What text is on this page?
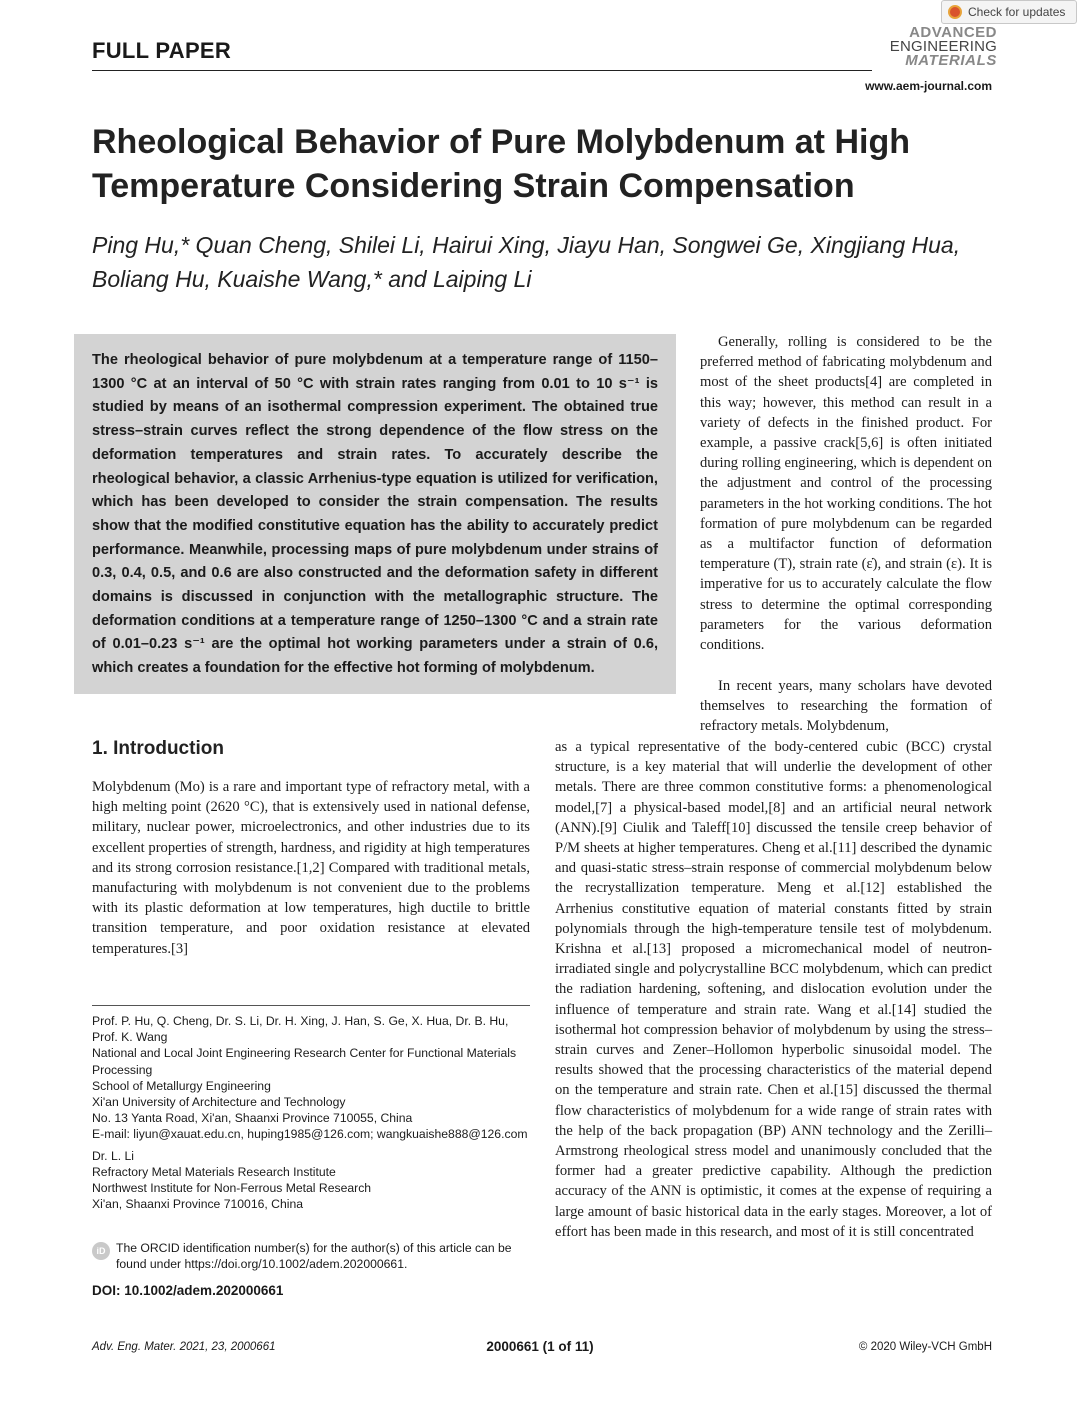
FULL PAPER
ADVANCED
ENGINEERING
MATERIALS
www.aem-journal.com
Check for updates
Rheological Behavior of Pure Molybdenum at High Temperature Considering Strain Compensation
Ping Hu,* Quan Cheng, Shilei Li, Hairui Xing, Jiayu Han, Songwei Ge, Xingjiang Hua, Boliang Hu, Kuaishe Wang,* and Laiping Li
The rheological behavior of pure molybdenum at a temperature range of 1150–1300 °C at an interval of 50 °C with strain rates ranging from 0.01 to 10 s⁻¹ is studied by means of an isothermal compression experiment. The obtained true stress–strain curves reflect the strong dependence of the flow stress on the deformation temperatures and strain rates. To accurately describe the rheological behavior, a classic Arrhenius-type equation is utilized for verification, which has been developed to consider the strain compensation. The results show that the modified constitutive equation has the ability to accurately predict performance. Meanwhile, processing maps of pure molybdenum under strains of 0.3, 0.4, 0.5, and 0.6 are also constructed and the deformation safety in different domains is discussed in conjunction with the metallographic structure. The deformation conditions at a temperature range of 1250–1300 °C and a strain rate of 0.01–0.23 s⁻¹ are the optimal hot working parameters under a strain of 0.6, which creates a foundation for the effective hot forming of molybdenum.
Generally, rolling is considered to be the preferred method of fabricating molybdenum and most of the sheet products[4] are completed in this way; however, this method can result in a variety of defects in the finished product. For example, a passive crack[5,6] is often initiated during rolling engineering, which is dependent on the adjustment and control of the processing parameters in the hot working conditions. The hot formation of pure molybdenum can be regarded as a multifactor function of deformation temperature (T), strain rate (ε̇), and strain (ε). It is imperative for us to accurately calculate the flow stress to determine the optimal corresponding parameters for the various deformation conditions.
In recent years, many scholars have devoted themselves to researching the formation of refractory metals. Molybdenum,
as a typical representative of the body-centered cubic (BCC) crystal structure, is a key material that will underlie the development of other metals. There are three common constitutive forms: a phenomenological model,[7] a physical-based model,[8] and an artificial neural network (ANN).[9] Ciulik and Taleff[10] discussed the tensile creep behavior of P/M sheets at higher temperatures. Cheng et al.[11] described the dynamic and quasi-static stress–strain response of commercial molybdenum below the recrystallization temperature. Meng et al.[12] established the Arrhenius constitutive equation of material constants fitted by strain polynomials through the high-temperature tensile test of molybdenum. Krishna et al.[13] proposed a micromechanical model of neutron-irradiated single and polycrystalline BCC molybdenum, which can predict the radiation hardening, softening, and dislocation evolution under the influence of temperature and strain rate. Wang et al.[14] studied the isothermal hot compression behavior of molybdenum by using the stress–strain curves and Zener–Hollomon hyperbolic sinusoidal model. The results showed that the processing characteristics of the material depend on the temperature and strain rate. Chen et al.[15] discussed the thermal flow characteristics of molybdenum for a wide range of strain rates with the help of the back propagation (BP) ANN technology and the Zerilli–Armstrong rheological stress model and unanimously concluded that the former had a greater predictive capability. Although the prediction accuracy of the ANN is optimistic, it comes at the expense of requiring a large amount of basic historical data in the early stages. Moreover, a lot of effort has been made in this research, and most of it is still concentrated
1. Introduction
Molybdenum (Mo) is a rare and important type of refractory metal, with a high melting point (2620 °C), that is extensively used in national defense, military, nuclear power, microelectronics, and other industries due to its excellent properties of strength, hardness, and rigidity at high temperatures and its strong corrosion resistance.[1,2] Compared with traditional metals, manufacturing with molybdenum is not convenient due to the problems with its plastic deformation at low temperatures, high ductile to brittle transition temperature, and poor oxidation resistance at elevated temperatures.[3]
Prof. P. Hu, Q. Cheng, Dr. S. Li, Dr. H. Xing, J. Han, S. Ge, X. Hua, Dr. B. Hu, Prof. K. Wang
National and Local Joint Engineering Research Center for Functional Materials Processing
School of Metallurgy Engineering
Xi'an University of Architecture and Technology
No. 13 Yanta Road, Xi'an, Shaanxi Province 710055, China
E-mail: liyun@xauat.edu.cn, huping1985@126.com; wangkuaishe888@126.com
Dr. L. Li
Refractory Metal Materials Research Institute
Northwest Institute for Non-Ferrous Metal Research
Xi'an, Shaanxi Province 710016, China
iD The ORCID identification number(s) for the author(s) of this article can be found under https://doi.org/10.1002/adem.202000661.
DOI: 10.1002/adem.202000661
Adv. Eng. Mater. 2021, 23, 2000661	2000661 (1 of 11)	© 2020 Wiley-VCH GmbH
